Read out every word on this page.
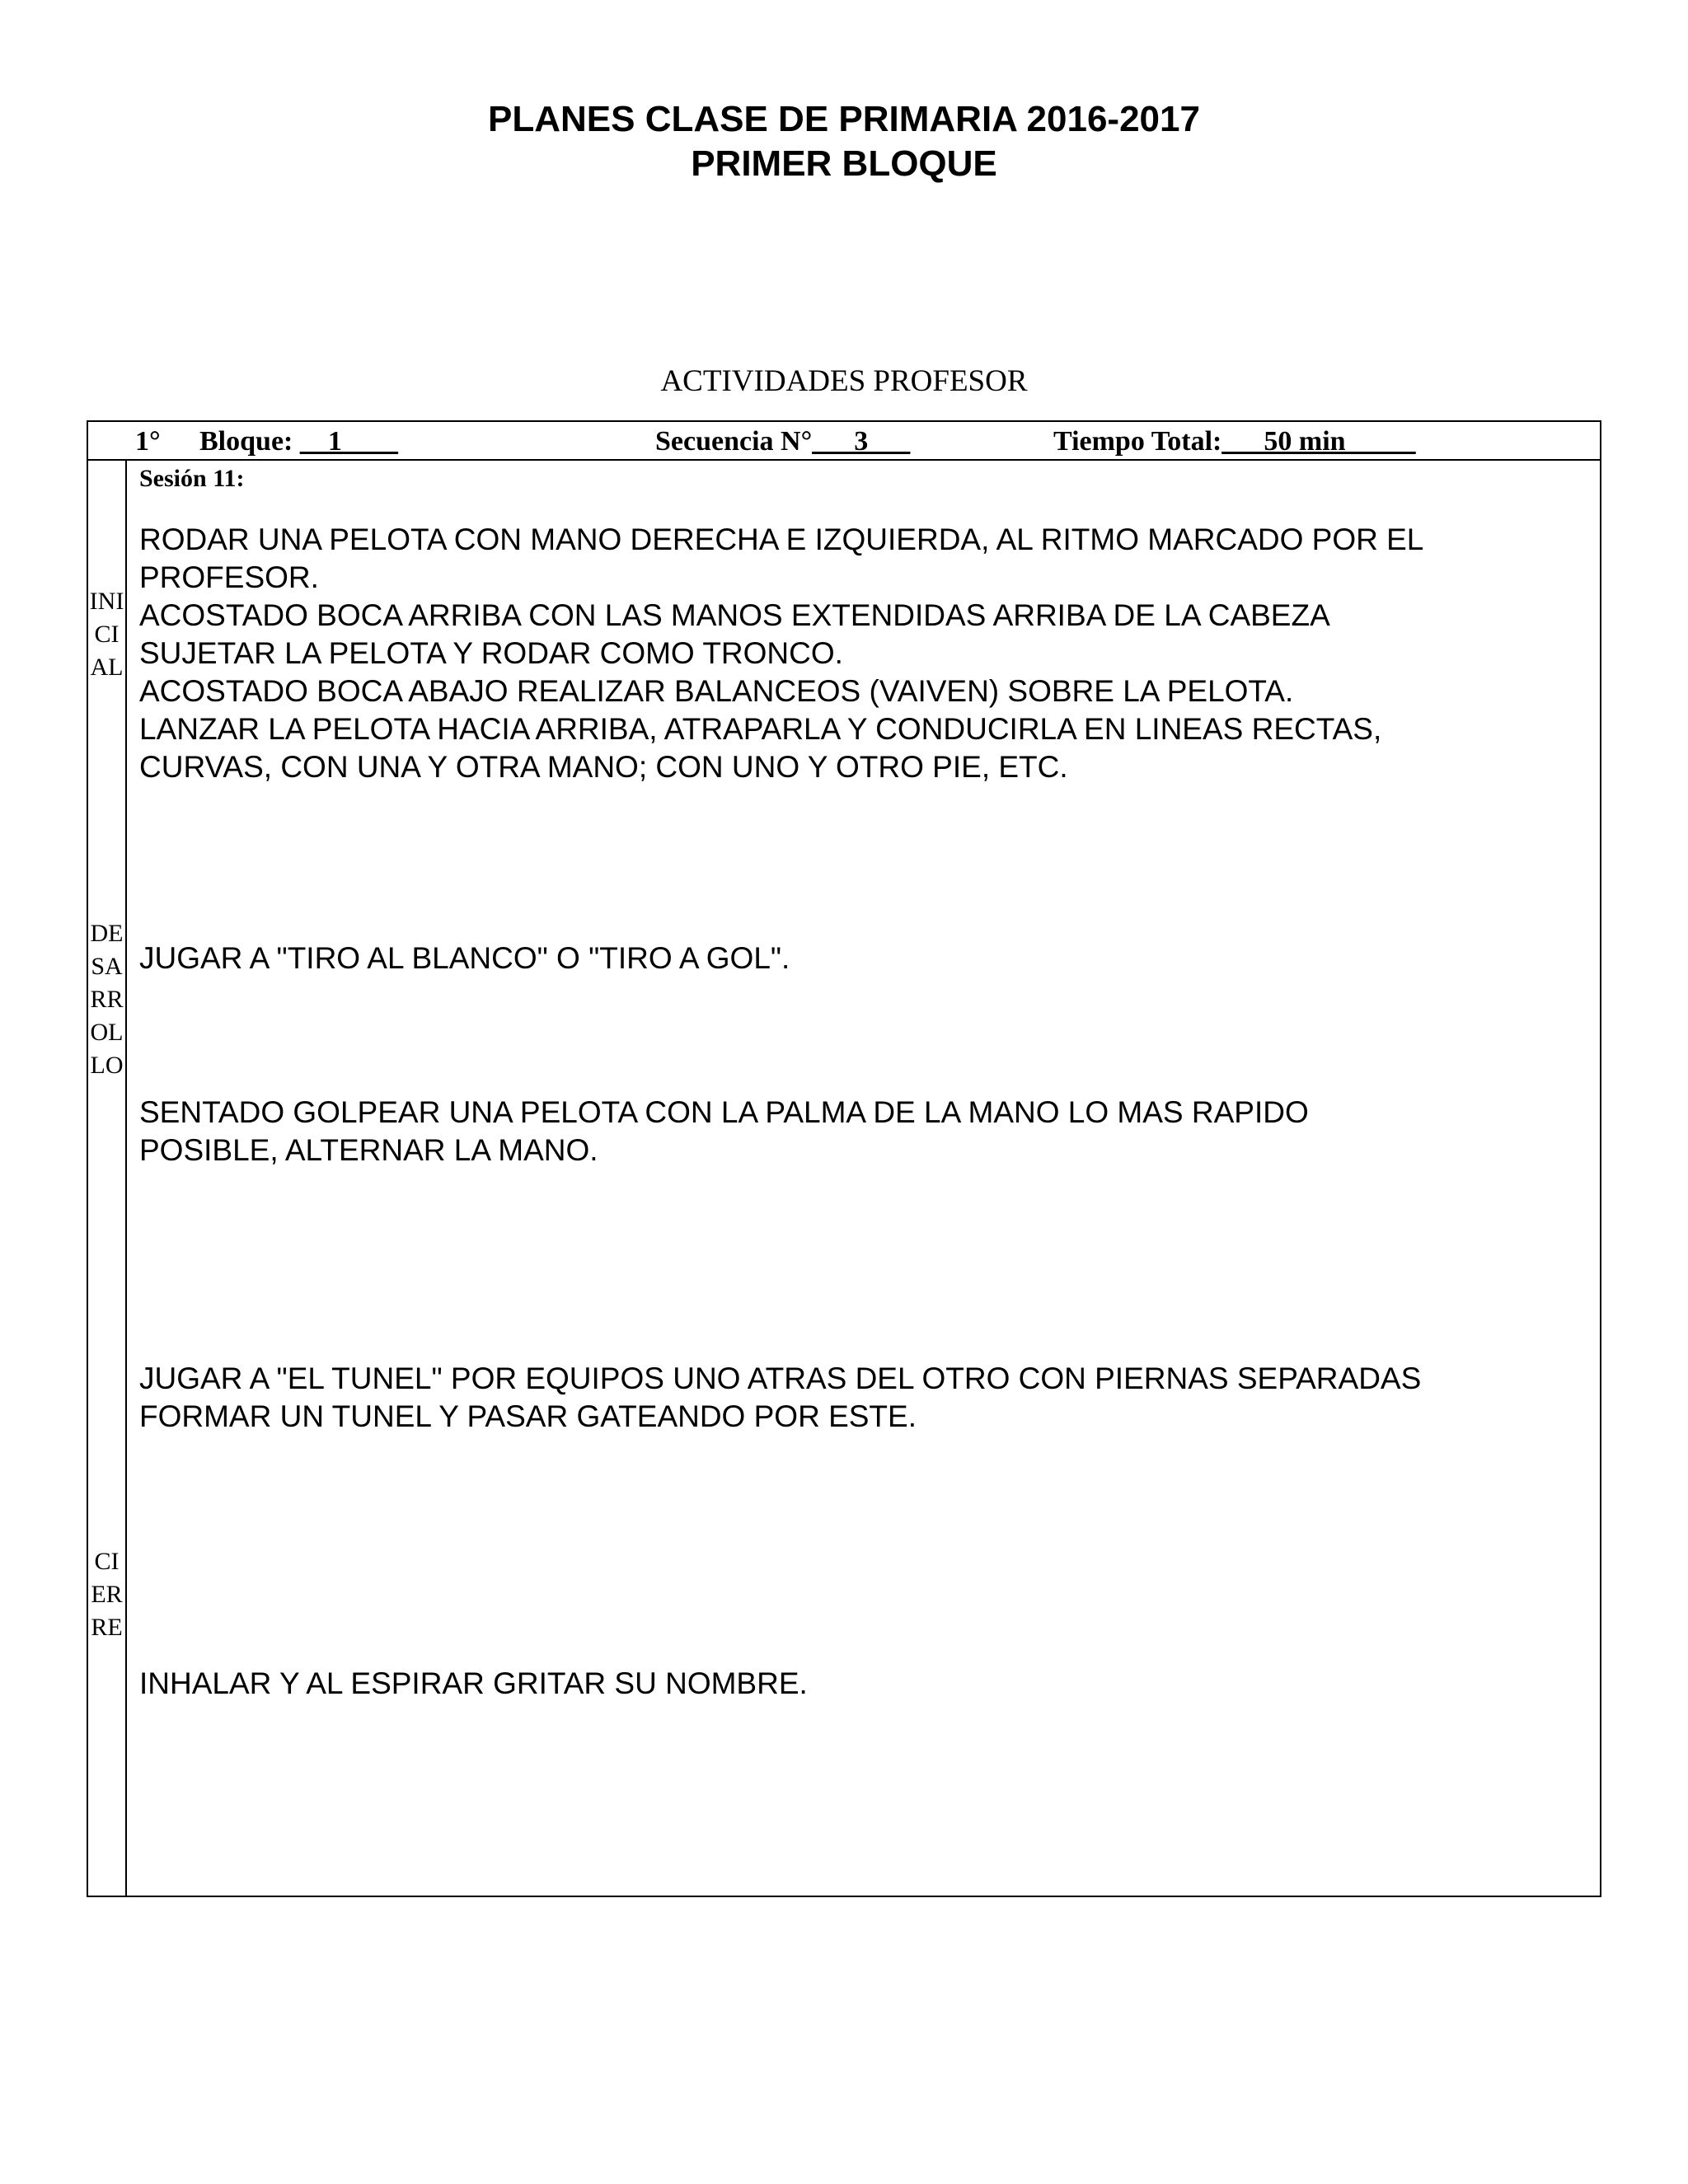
PLANES CLASE DE PRIMARIA 2016-2017
PRIMER BLOQUE
ACTIVIDADES PROFESOR
1° Bloque: __1____	Secuencia N°___3___	Tiempo Total:___50 min_____
INICIAL
DESARROLLO
CIERRE
Sesión 11:
RODAR UNA PELOTA CON MANO DERECHA E IZQUIERDA, AL RITMO MARCADO POR EL
PROFESOR.
ACOSTADO BOCA ARRIBA CON LAS MANOS EXTENDIDAS ARRIBA DE LA CABEZA
SUJETAR LA PELOTA Y RODAR COMO TRONCO.
ACOSTADO BOCA ABAJO REALIZAR BALANCEOS (VAIVEN) SOBRE LA PELOTA.
LANZAR LA PELOTA HACIA ARRIBA, ATRAPARLA Y CONDUCIRLA EN LINEAS RECTAS,
CURVAS, CON UNA Y OTRA MANO; CON UNO Y OTRO PIE, ETC.
JUGAR A "TIRO AL BLANCO" O "TIRO A GOL".
SENTADO GOLPEAR UNA PELOTA CON LA PALMA DE LA MANO LO MAS RAPIDO
POSIBLE, ALTERNAR LA MANO.
JUGAR A "EL TUNEL" POR EQUIPOS UNO ATRAS DEL OTRO CON PIERNAS SEPARADAS
FORMAR UN TUNEL Y PASAR GATEANDO POR ESTE.
INHALAR Y AL ESPIRAR GRITAR SU NOMBRE.
